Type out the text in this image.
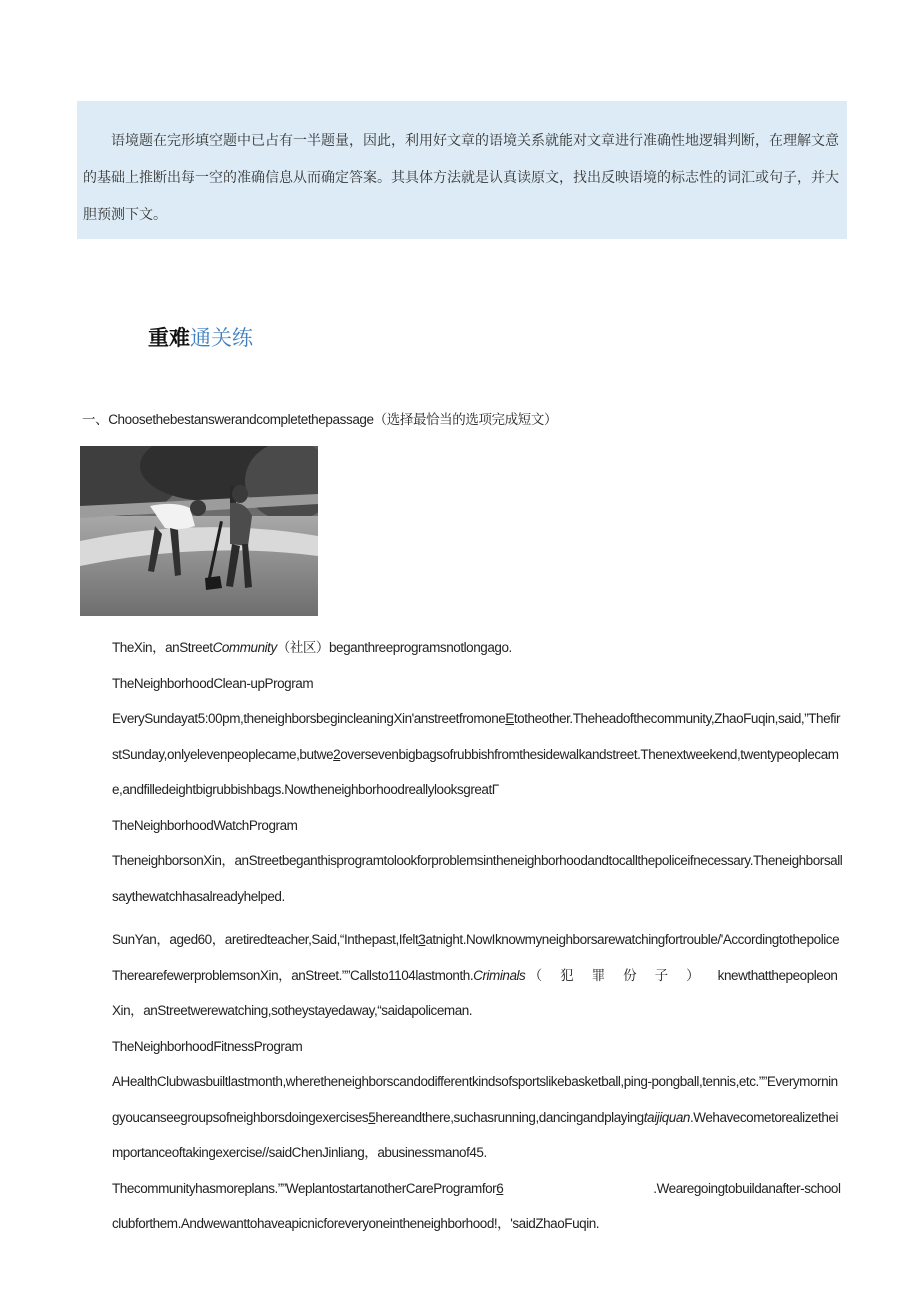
语境题在完形填空题中已占有一半题量，因此，利用好文章的语境关系就能对文章进行准确性地逻辑判断，在理解文意的基础上推断出每一空的准确信息从而确定答案。其具体方法就是认真读原文，找出反映语境的标志性的词汇或句子，并大胆预测下文。

重难通关练
一、Choosethebestanswerandcompletethepassage（选择最恰当的选项完成短文）

TheXin，anStreetCommunity（社区）beganthreeprogramsnotlongago.

TheNeighborhoodClean-upProgram

EverySundayat5:00pm,theneighborsbegincleaningXin'anstreetfromoneEtotheother.Theheadofthecommunity,ZhaoFuqin,said,”ThefirstSunday,onlyelevenpeoplecame,butwe2oversevenbigbagsofrubbishfromthesidewalkandstreet.Thenextweekend,twentypeoplecame,andfilledeightbigrubbishbags.NowtheneighborhoodreallylooksgreatΓ

TheNeighborhoodWatchProgram

TheneighborsonXin，anStreetbeganthisprogramtolookforproblemsintheneighborhoodandtocallthepoliceifnecessary.Theneighborsallsaythewatchhasalreadyhelped.

SunYan，aged60，aretiredteacher,Said,“Inthepast,Ifelt3atnight.NowIknowmyneighborsarewatchingfortrouble/'AccordingtothepoliceTherearefewerproblemsonXin，anStreet.””Callsto1104lastmonth.Criminals （犯罪份子）knewthatthepeopleonXin，anStreetwerewatching,sotheystayedaway,“saidapoliceman.

TheNeighborhoodFitnessProgram

AHealthClubwasbuiltlastmonth,wheretheneighborscandodifferentkindsofsportslikebasketball,ping-pongball,tennis,etc.””Everymorningyoucanseegroupsofneighborsdoingexercises5hereandthere,suchasrunning,dancingandplayingtaijiquan.Wehavecometorealizetheimportanceoftakingexercise//saidChenJinliang，abusinessmanof45.

Thecommunityhasmoreplans.””WeplantostartanotherCareProgramfor6	.Wearegoingtobuildanafter-schoolclubforthem.Andwewanttohaveapicnicforeveryoneintheneighborhood!，'saidZhaoFuqin.
